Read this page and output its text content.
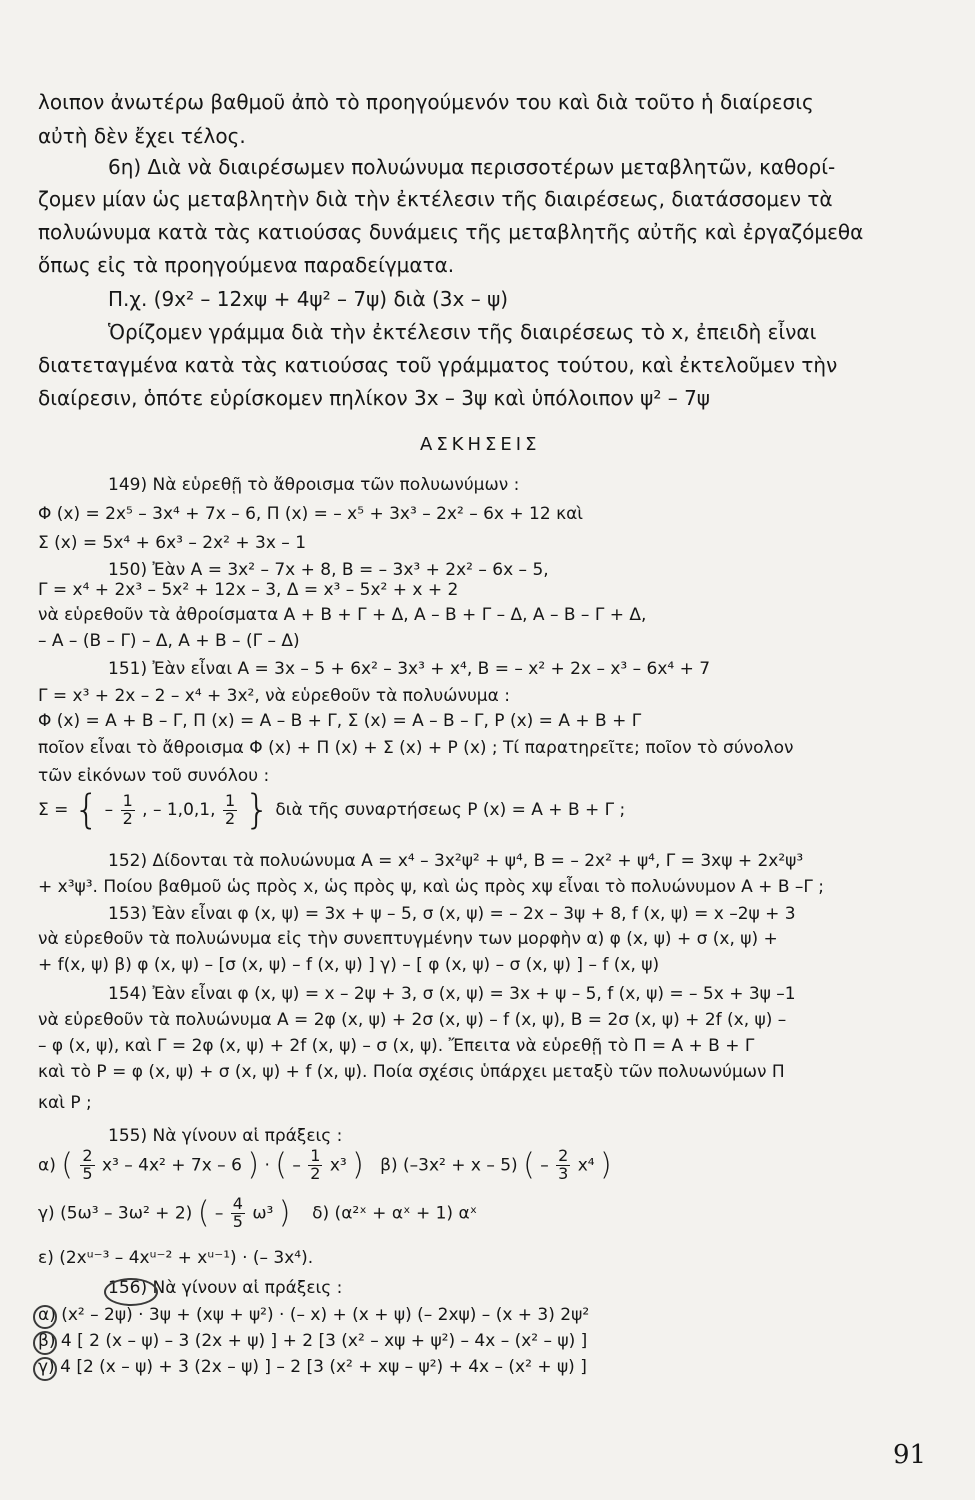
λοιπον ἀνωτέρω βαθμοῦ ἀπὸ τὸ προηγούμενόν του καὶ διὰ τοῦτο ἡ διαίρεσις
αὐτὴ δὲν ἔχει τέλος.
6η) Διὰ νὰ διαιρέσωμεν πολυώνυμα περισσοτέρων μεταβλητῶν, καθορί-
ζομεν μίαν ὡς μεταβλητὴν διὰ τὴν ἐκτέλεσιν τῆς διαιρέσεως, διατάσσομεν τὰ
πολυώνυμα κατὰ τὰς κατιούσας δυνάμεις τῆς μεταβλητῆς αὐτῆς καὶ ἐργαζόμεθα
ὅπως εἰς τὰ προηγούμενα παραδείγματα.
Π.χ. (9x² – 12xψ + 4ψ² – 7ψ) διὰ (3x – ψ)
Ὁρίζομεν γράμμα διὰ τὴν ἐκτέλεσιν τῆς διαιρέσεως τὸ x, ἐπειδὴ εἶναι
διατεταγμένα κατὰ τὰς κατιούσας τοῦ γράμματος τούτου, καὶ ἐκτελοῦμεν τὴν
διαίρεσιν, ὁπότε εὑρίσκομεν πηλίκον 3x – 3ψ καὶ ὑπόλοιπον ψ² – 7ψ
ΑΣΚΗΣΕΙΣ
149) Νὰ εὑρεθῇ τὸ ἄθροισμα τῶν πολυωνύμων :
Φ (x) = 2x⁵ – 3x⁴ + 7x – 6, Π (x) = – x⁵ + 3x³ – 2x² – 6x + 12 καὶ
Σ (x) = 5x⁴ + 6x³ – 2x² + 3x – 1
150) Ἐὰν A = 3x² – 7x + 8, B = – 3x³ + 2x² – 6x – 5,
Γ = x⁴ + 2x³ – 5x² + 12x – 3, Δ = x³ – 5x² + x + 2
νὰ εὑρεθοῦν τὰ ἀθροίσματα A + B + Γ + Δ, A – B + Γ – Δ, A – B – Γ + Δ,
– A – (B – Γ) – Δ, A + B – (Γ – Δ)
151) Ἐὰν εἶναι A = 3x – 5 + 6x² – 3x³ + x⁴, B = – x² + 2x – x³ – 6x⁴ + 7
Γ = x³ + 2x – 2 – x⁴ + 3x², νὰ εὑρεθοῦν τὰ πολυώνυμα :
Φ (x) = A + B – Γ, Π (x) = A – B + Γ, Σ (x) = A – B – Γ, P (x) = A + B + Γ
ποῖον εἶναι τὸ ἄθροισμα Φ (x) + Π (x) + Σ (x) + P (x) ; Τί παρατηρεῖτε; ποῖον τὸ σύνολον
τῶν εἰκόνων τοῦ συνόλου :
Σ = { – $\frac{1}{2}$ , – 1,0,1, $\frac{1}{2}$ } διὰ τῆς συναρτήσεως P (x) = A + B + Γ ;
152) Δίδονται τὰ πολυώνυμα A = x⁴ – 3x²ψ² + ψ⁴, B = – 2x² + ψ⁴, Γ = 3xψ + 2x²ψ³
+ x³ψ³. Ποίου βαθμοῦ ὡς πρὸς x, ὡς πρὸς ψ, καὶ ὡς πρὸς xψ εἶναι τὸ πολυώνυμον A + B –Γ ;
153) Ἐὰν εἶναι φ (x, ψ) = 3x + ψ – 5, σ (x, ψ) = – 2x – 3ψ + 8, f (x, ψ) = x –2ψ + 3
νὰ εὑρεθοῦν τὰ πολυώνυμα εἰς τὴν συνεπτυγμένην των μορφὴν α) φ (x, ψ) + σ (x, ψ) +
+ f(x, ψ) β) φ (x, ψ) – [σ (x, ψ) – f (x, ψ) ] γ) – [ φ (x, ψ) – σ (x, ψ) ] – f (x, ψ)
154) Ἐὰν εἶναι φ (x, ψ) = x – 2ψ + 3, σ (x, ψ) = 3x + ψ – 5, f (x, ψ) = – 5x + 3ψ –1
νὰ εὑρεθοῦν τὰ πολυώνυμα A = 2φ (x, ψ) + 2σ (x, ψ) – f (x, ψ), B = 2σ (x, ψ) + 2f (x, ψ) –
– φ (x, ψ), καὶ Γ = 2φ (x, ψ) + 2f (x, ψ) – σ (x, ψ). Ἔπειτα νὰ εὑρεθῇ τὸ Π = A + B + Γ
καὶ τὸ P = φ (x, ψ) + σ (x, ψ) + f (x, ψ). Ποία σχέσις ὑπάρχει μεταξὺ τῶν πολυωνύμων Π
καὶ P ;
155) Νὰ γίνουν αἱ πράξεις :
α) ( $\frac{2}{5} x^3 - 4x^2 + 7x - 6$ ) · ( – $\frac{1}{2} x^3$ ) β) (–3x² + x – 5) ( – $\frac{2}{3} x^4$ )
γ) (5ω³ – 3ω² + 2) ( – $\frac{4}{5} \omega^3$ ) δ) (α²ˣ + αˣ + 1) αˣ
ε) (2xᵘ⁻³ – 4xᵘ⁻² + xᵘ⁻¹) · (– 3x⁴).
156) Νὰ γίνουν αἱ πράξεις :
α) (x² – 2ψ) · 3ψ + (xψ + ψ²) · (– x) + (x + ψ) (– 2xψ) – (x + 3) 2ψ²
β) 4 [ 2 (x – ψ) – 3 (2x + ψ) ] + 2 [3 (x² – xψ + ψ²) – 4x – (x² – ψ) ]
γ) 4 [2 (x – ψ) + 3 (2x – ψ) ] – 2 [3 (x² + xψ – ψ²) + 4x – (x² + ψ) ]
91
